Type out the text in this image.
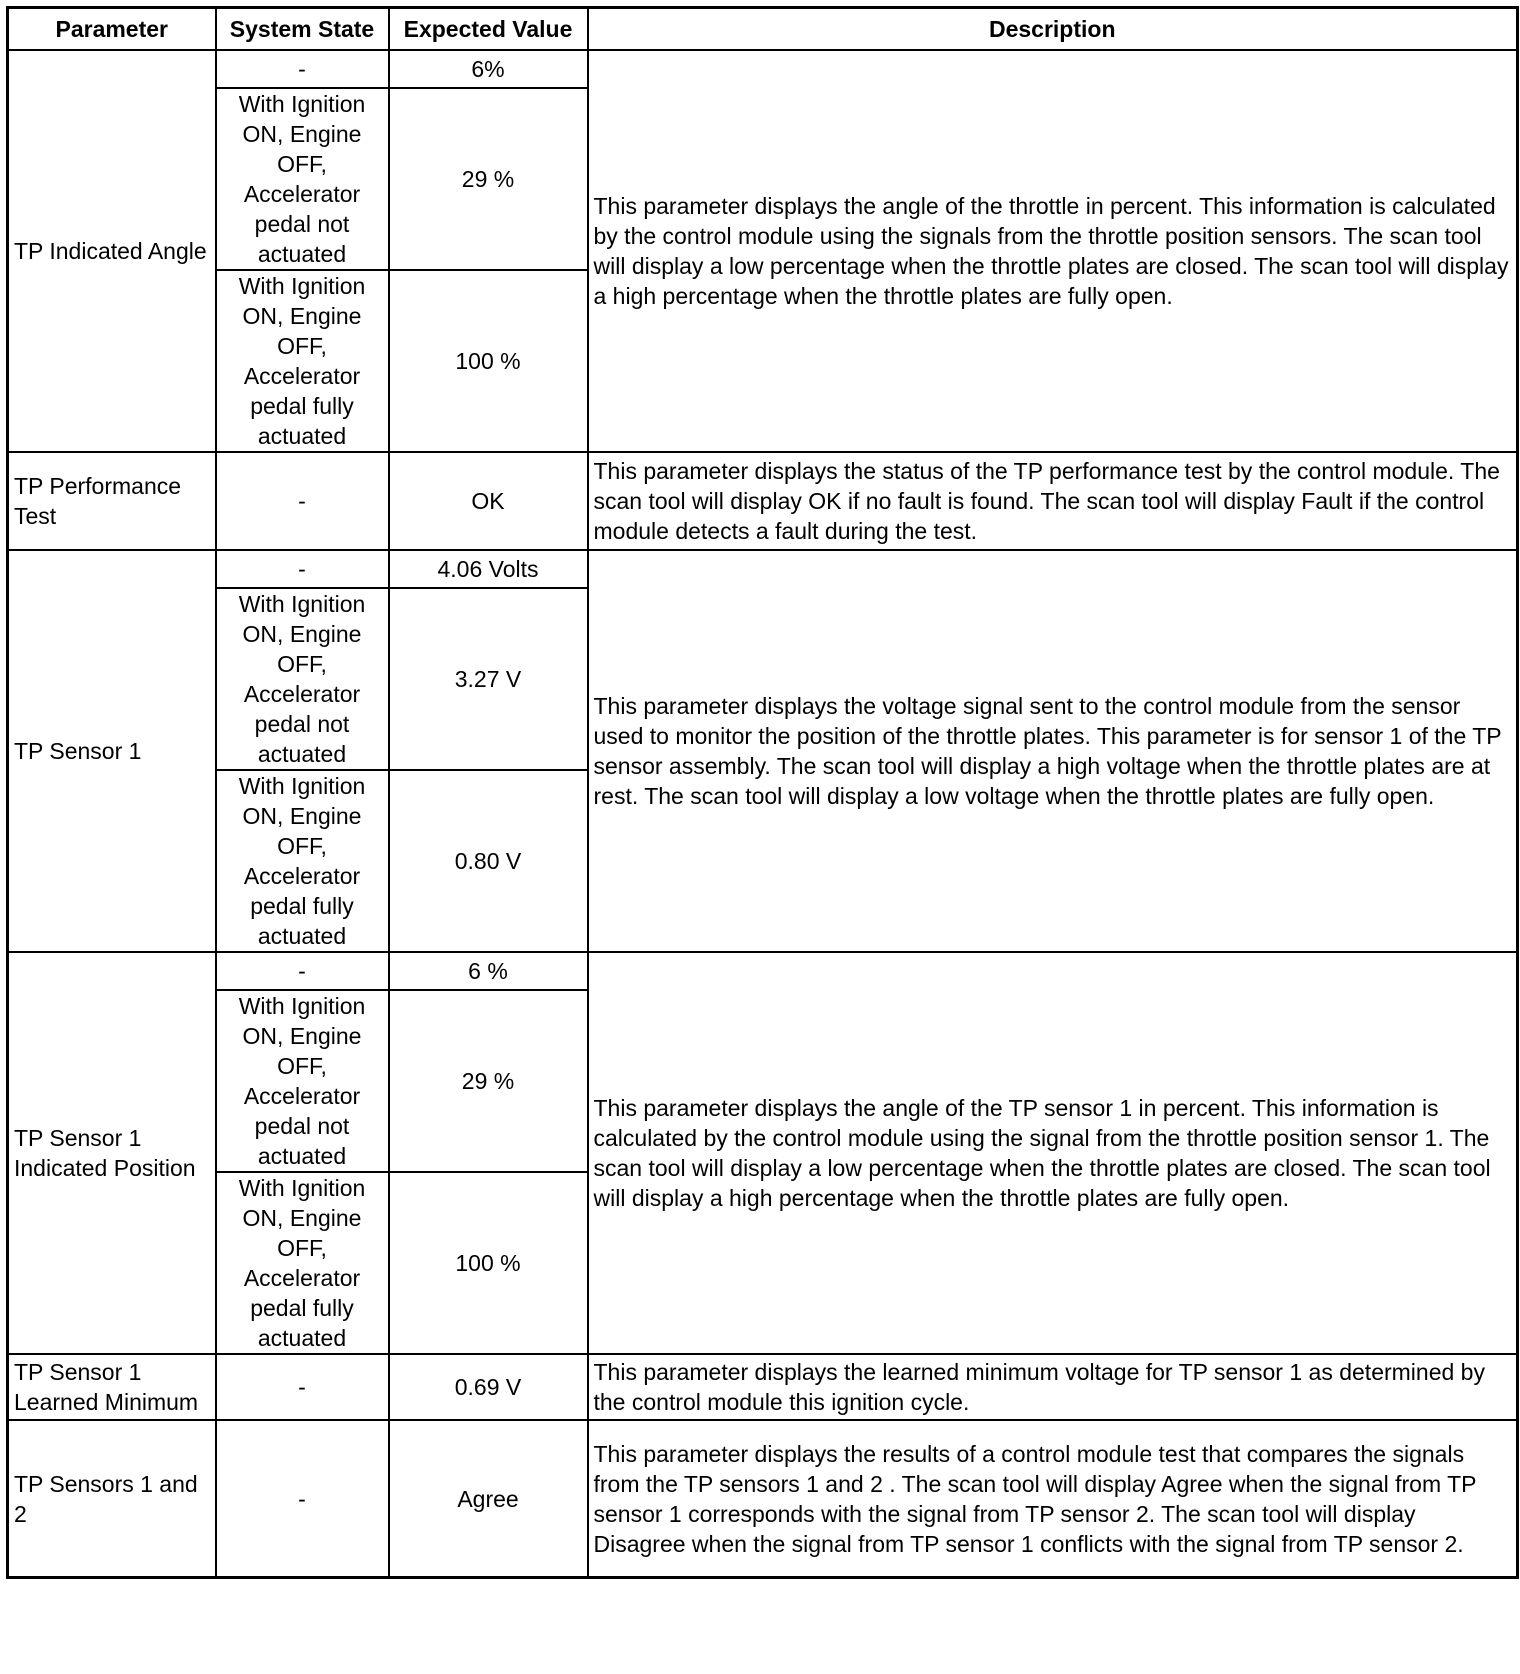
Parameter	System State	Expected Value	Description
TP Indicated Angle	-	6%	This parameter displays the angle of the throttle in percent. This information is calculated by the control module using the signals from the throttle position sensors. The scan tool will display a low percentage when the throttle plates are closed. The scan tool will display a high percentage when the throttle plates are fully open.
	With Ignition ON, Engine OFF, Accelerator pedal not actuated	29 %	
	With Ignition ON, Engine OFF, Accelerator pedal fully actuated	100 %	
TP Performance Test	-	OK	This parameter displays the status of the TP performance test by the control module. The scan tool will display OK if no fault is found. The scan tool will display Fault if the control module detects a fault during the test.
TP Sensor 1	-	4.06 Volts	This parameter displays the voltage signal sent to the control module from the sensor used to monitor the position of the throttle plates. This parameter is for sensor 1 of the TP sensor assembly. The scan tool will display a high voltage when the throttle plates are at rest. The scan tool will display a low voltage when the throttle plates are fully open.
	With Ignition ON, Engine OFF, Accelerator pedal not actuated	3.27 V	
	With Ignition ON, Engine OFF, Accelerator pedal fully actuated	0.80 V	
TP Sensor 1 Indicated Position	-	6 %	This parameter displays the angle of the TP sensor 1 in percent. This information is calculated by the control module using the signal from the throttle position sensor 1. The scan tool will display a low percentage when the throttle plates are closed. The scan tool will display a high percentage when the throttle plates are fully open.
	With Ignition ON, Engine OFF, Accelerator pedal not actuated	29 %	
	With Ignition ON, Engine OFF, Accelerator pedal fully actuated	100 %	
TP Sensor 1 Learned Minimum	-	0.69 V	This parameter displays the learned minimum voltage for TP sensor 1 as determined by the control module this ignition cycle.
TP Sensors 1 and 2	-	Agree	This parameter displays the results of a control module test that compares the signals from the TP sensors 1 and 2 . The scan tool will display Agree when the signal from TP sensor 1 corresponds with the signal from TP sensor 2. The scan tool will display Disagree when the signal from TP sensor 1 conflicts with the signal from TP sensor 2.
